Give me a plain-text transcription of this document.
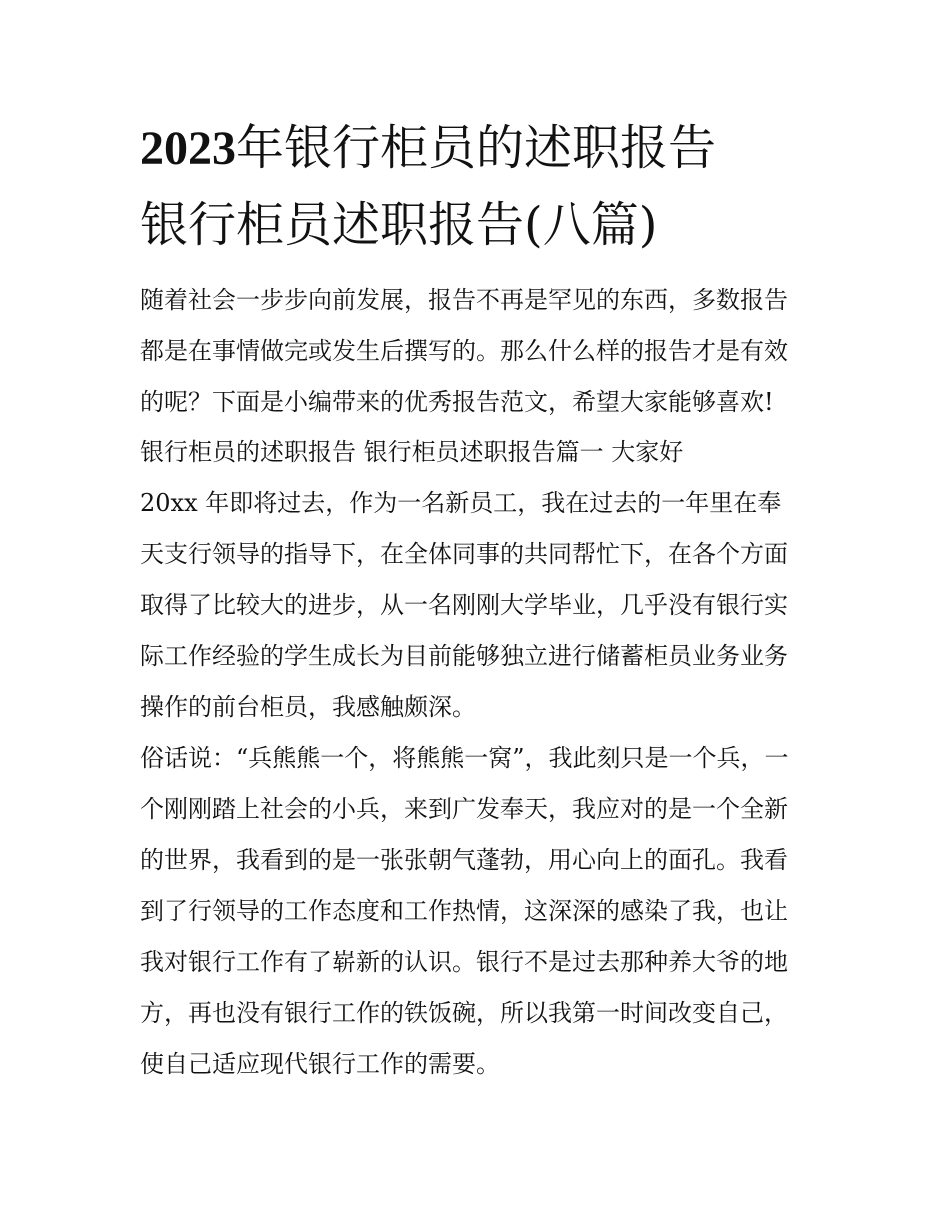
2023年银行柜员的述职报告
银行柜员述职报告(八篇)

随着社会一步步向前发展，报告不再是罕见的东西，多数报告

都是在事情做完或发生后撰写的。那么什么样的报告才是有效

的呢？下面是小编带来的优秀报告范文，希望大家能够喜欢!

银行柜员的述职报告 银行柜员述职报告篇一 大家好

20xx 年即将过去，作为一名新员工，我在过去的一年里在奉

天支行领导的指导下，在全体同事的共同帮忙下，在各个方面

取得了比较大的进步，从一名刚刚大学毕业，几乎没有银行实

际工作经验的学生成长为目前能够独立进行储蓄柜员业务业务

操作的前台柜员，我感触颇深。

俗话说：“兵熊熊一个，将熊熊一窝”，我此刻只是一个兵，一

个刚刚踏上社会的小兵，来到广发奉天，我应对的是一个全新

的世界，我看到的是一张张朝气蓬勃，用心向上的面孔。我看

到了行领导的工作态度和工作热情，这深深的感染了我，也让

我对银行工作有了崭新的认识。银行不是过去那种养大爷的地

方，再也没有银行工作的铁饭碗，所以我第一时间改变自己，

使自己适应现代银行工作的需要。
